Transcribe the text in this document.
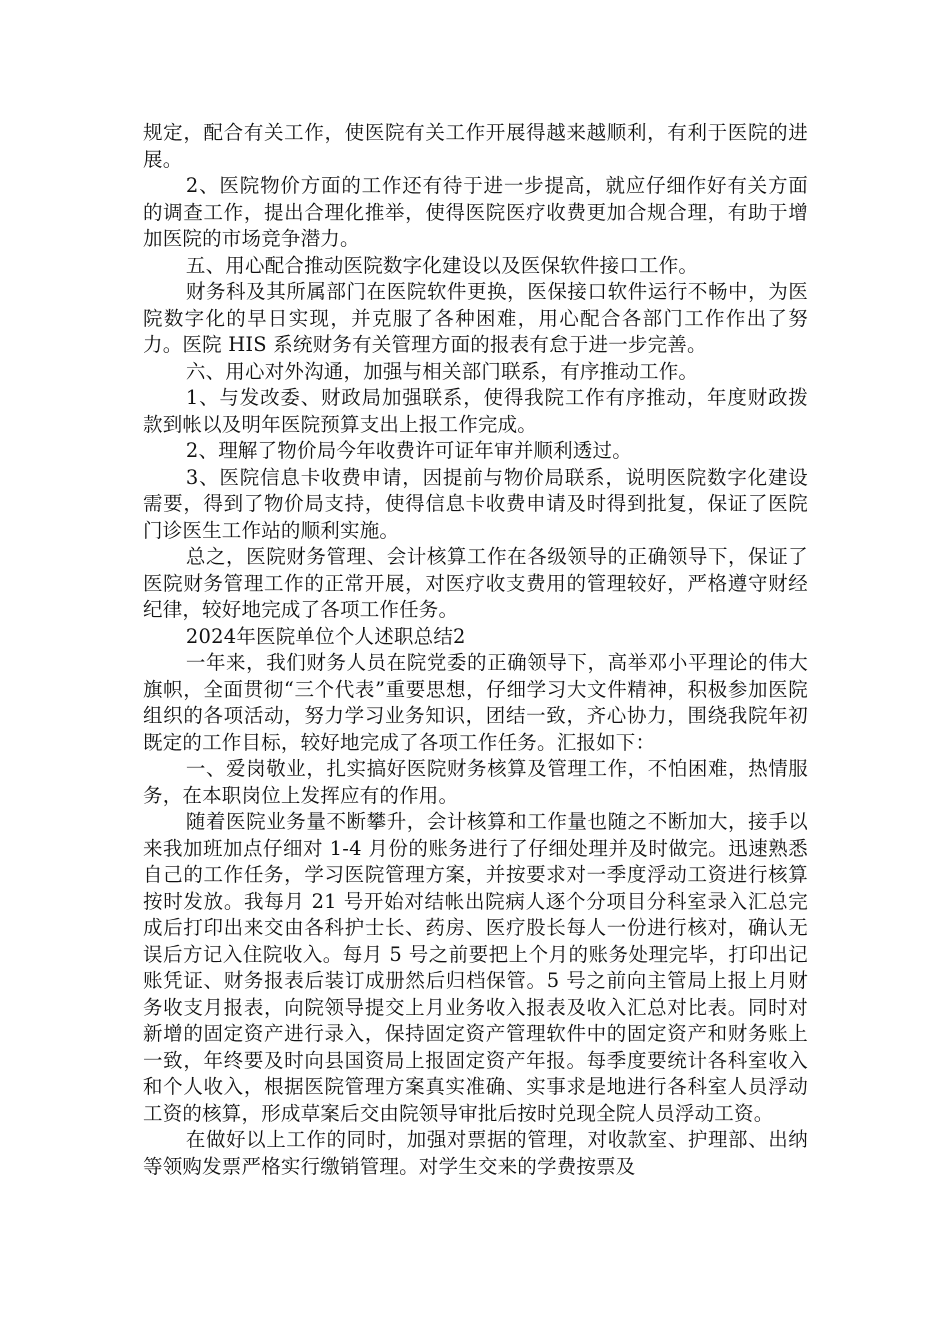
规定，配合有关工作，使医院有关工作开展得越来越顺利，有利于医院的进展。

2、医院物价方面的工作还有待于进一步提高，就应仔细作好有关方面的调查工作，提出合理化推举，使得医院医疗收费更加合规合理，有助于增加医院的市场竞争潜力。

五、用心配合推动医院数字化建设以及医保软件接口工作。

财务科及其所属部门在医院软件更换，医保接口软件运行不畅中，为医院数字化的早日实现，并克服了各种困难，用心配合各部门工作作出了努力。医院 HIS 系统财务有关管理方面的报表有怠于进一步完善。

六、用心对外沟通，加强与相关部门联系，有序推动工作。

1、与发改委、财政局加强联系，使得我院工作有序推动，年度财政拨款到帐以及明年医院预算支出上报工作完成。

2、理解了物价局今年收费许可证年审并顺利透过。

3、医院信息卡收费申请，因提前与物价局联系，说明医院数字化建设需要，得到了物价局支持，使得信息卡收费申请及时得到批复，保证了医院门诊医生工作站的顺利实施。

总之，医院财务管理、会计核算工作在各级领导的正确领导下，保证了医院财务管理工作的正常开展，对医疗收支费用的管理较好，严格遵守财经纪律，较好地完成了各项工作任务。

2024年医院单位个人述职总结2

一年来，我们财务人员在院党委的正确领导下，高举邓小平理论的伟大旗帜，全面贯彻“三个代表”重要思想，仔细学习大文件精神，积极参加医院组织的各项活动，努力学习业务知识，团结一致，齐心协力，围绕我院年初既定的工作目标，较好地完成了各项工作任务。汇报如下：

一、爱岗敬业，扎实搞好医院财务核算及管理工作，不怕困难，热情服务，在本职岗位上发挥应有的作用。

随着医院业务量不断攀升，会计核算和工作量也随之不断加大，接手以来我加班加点仔细对 1-4 月份的账务进行了仔细处理并及时做完。迅速熟悉自己的工作任务，学习医院管理方案，并按要求对一季度浮动工资进行核算按时发放。我每月 21 号开始对结帐出院病人逐个分项目分科室录入汇总完成后打印出来交由各科护士长、药房、医疗股长每人一份进行核对，确认无误后方记入住院收入。每月 5 号之前要把上个月的账务处理完毕，打印出记账凭证、财务报表后装订成册然后归档保管。5 号之前向主管局上报上月财务收支月报表，向院领导提交上月业务收入报表及收入汇总对比表。同时对新增的固定资产进行录入，保持固定资产管理软件中的固定资产和财务账上一致，年终要及时向县国资局上报固定资产年报。每季度要统计各科室收入和个人收入，根据医院管理方案真实准确、实事求是地进行各科室人员浮动工资的核算，形成草案后交由院领导审批后按时兑现全院人员浮动工资。

在做好以上工作的同时，加强对票据的管理，对收款室、护理部、出纳等领购发票严格实行缴销管理。对学生交来的学费按票及
